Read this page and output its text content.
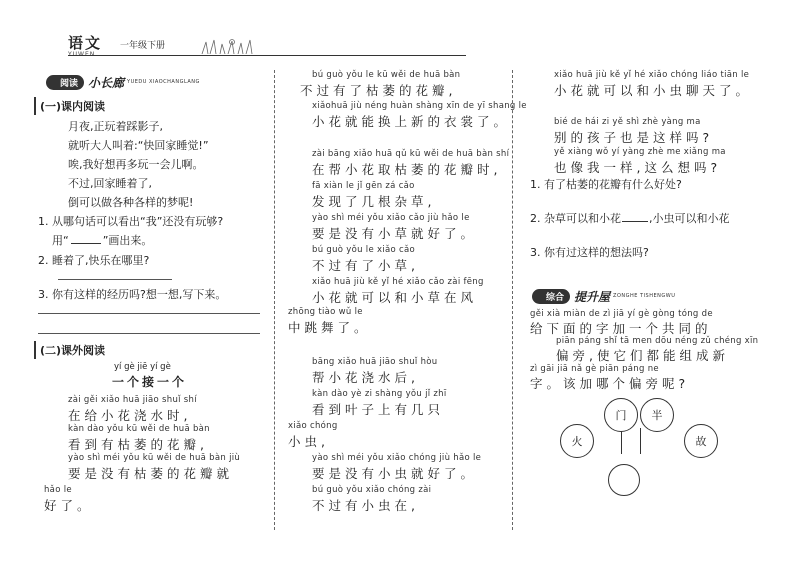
语文
YUWEN
一年级下册
阅读 小长廊 YUEDU XIAOCHANGLANG
(一)课内阅读
月夜,正玩着踩影子,
就听大人叫着:“快回家睡觉!”
唉,我好想再多玩一会儿啊。
不过,回家睡着了,
倒可以做各种各样的梦呢!
1. 从哪句话可以看出“我”还没有玩够?
用“	”画出来。
2. 睡着了,快乐在哪里?
3. 你有这样的经历吗?想一想,写下来。
(二)课外阅读
yí gè jiē yí gè
一个接一个
zài gěi xiǎo huā jiāo shuǐ shí
在给小花浇水时,
kàn dào yǒu kū wěi de huā bàn
看到有枯萎的花瓣,
yào shì méi yǒu kū wěi de huā bàn jiù
要是没有枯萎的花瓣就
hǎo le
好了。
bú guò yǒu le kū wěi de huā bàn
不过有了枯萎的花瓣,
xiǎohuā jiù néng huàn shàng xīn de yī shang le
小花就能换上新的衣裳了。
zài bāng xiǎo huā qǔ kū wěi de huā bàn shí
在帮小花取枯萎的花瓣时,
fā xiàn le jǐ gēn zá cǎo
发现了几根杂草,
yào shì méi yǒu xiǎo cǎo jiù hǎo le
要是没有小草就好了。
bú guò yǒu le xiǎo cǎo
不过有了小草,
xiǎo huā jiù kě yǐ hé xiǎo cǎo zài fēng
小花就可以和小草在风
zhōng tiào wǔ le
中跳舞了。
bāng xiǎo huā jiāo shuǐ hòu
帮小花浇水后,
kàn dào yè zi shàng yǒu jǐ zhī
看到叶子上有几只
xiǎo chóng
小虫,
yào shì méi yǒu xiǎo chóng jiù hǎo le
要是没有小虫就好了。
bú guò yǒu xiǎo chóng zài
不过有小虫在,
xiǎo huā jiù kě yǐ hé xiǎo chóng liáo tiān le
小花就可以和小虫聊天了。
bié de hái zi yě shì zhè yàng ma
别的孩子也是这样吗?
yě xiàng wǒ yí yàng zhè me xiǎng ma
也像我一样,这么想吗?
1. 有了枯萎的花瓣有什么好处?
2. 杂草可以和小花	,小虫可以和小花
3. 你有过这样的想法吗?
综合 提升屋 ZONGHE TISHENGWU
gěi xià miàn de zì jiā yí gè gòng tóng de
给下面的字加一个共同的
piān páng shǐ tā men dōu néng zǔ chéng xīn
偏旁,使它们都能组成新
zì gāi jiā nǎ gè piān páng ne
字。该加哪个偏旁呢?
门 半
火	故
